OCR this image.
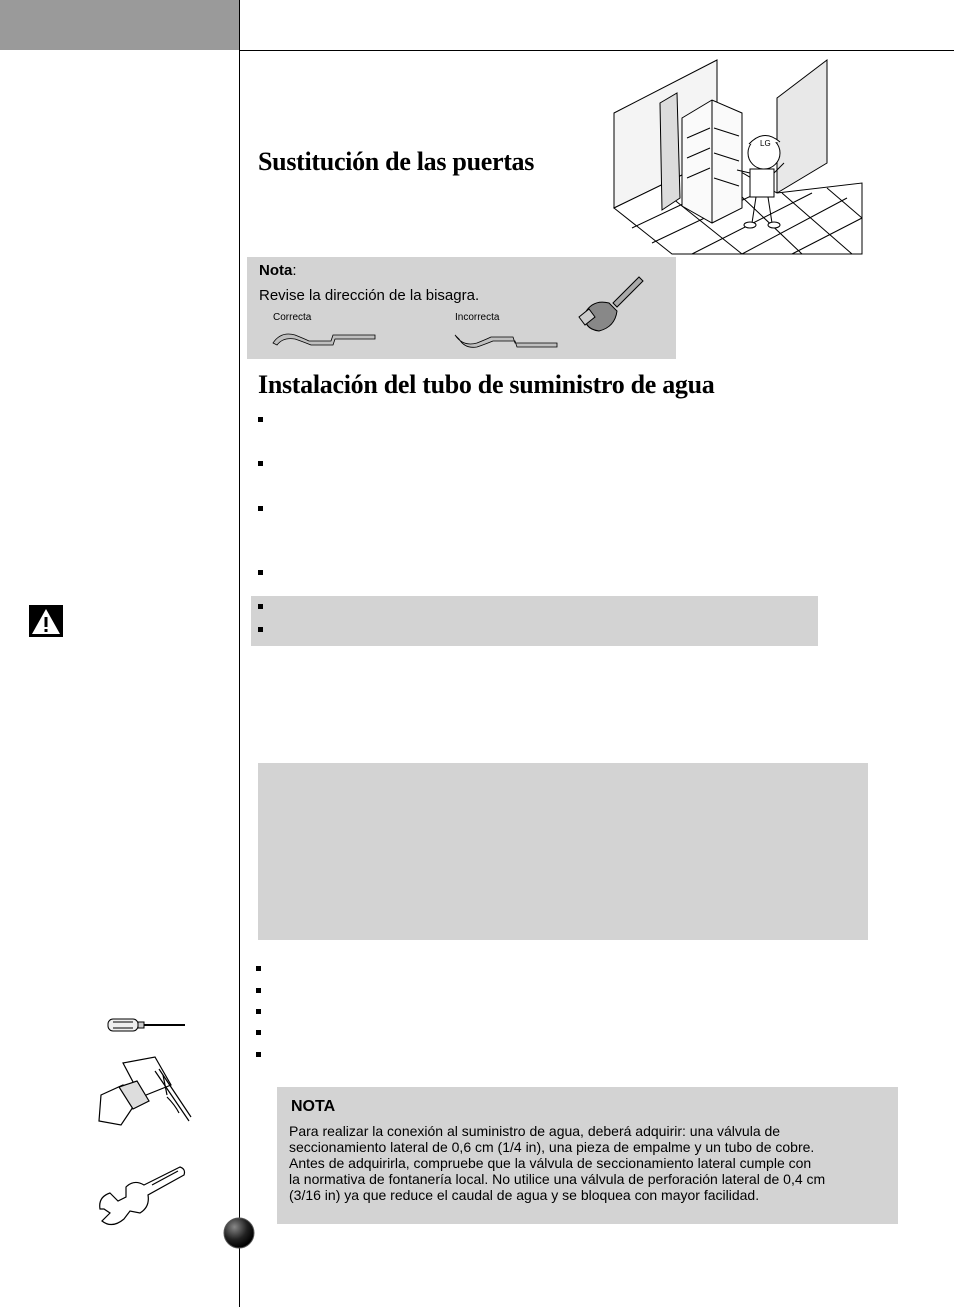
Sustitución de las puertas
LG
Nota:
Revise la dirección de la bisagra.
Correcta	Incorrecta
Instalación del tubo de suministro de agua
NOTA
Para realizar la conexión al suministro de agua, deberá adquirir: una válvula de
seccionamiento lateral de 0,6 cm (1/4 in), una pieza de empalme y un tubo de cobre.
Antes de adquirirla, compruebe que la válvula de seccionamiento lateral cumple con
la normativa de fontanería local. No utilice una válvula de perforación lateral de 0,4 cm
(3/16 in) ya que reduce el caudal de agua y se bloquea con mayor facilidad.
